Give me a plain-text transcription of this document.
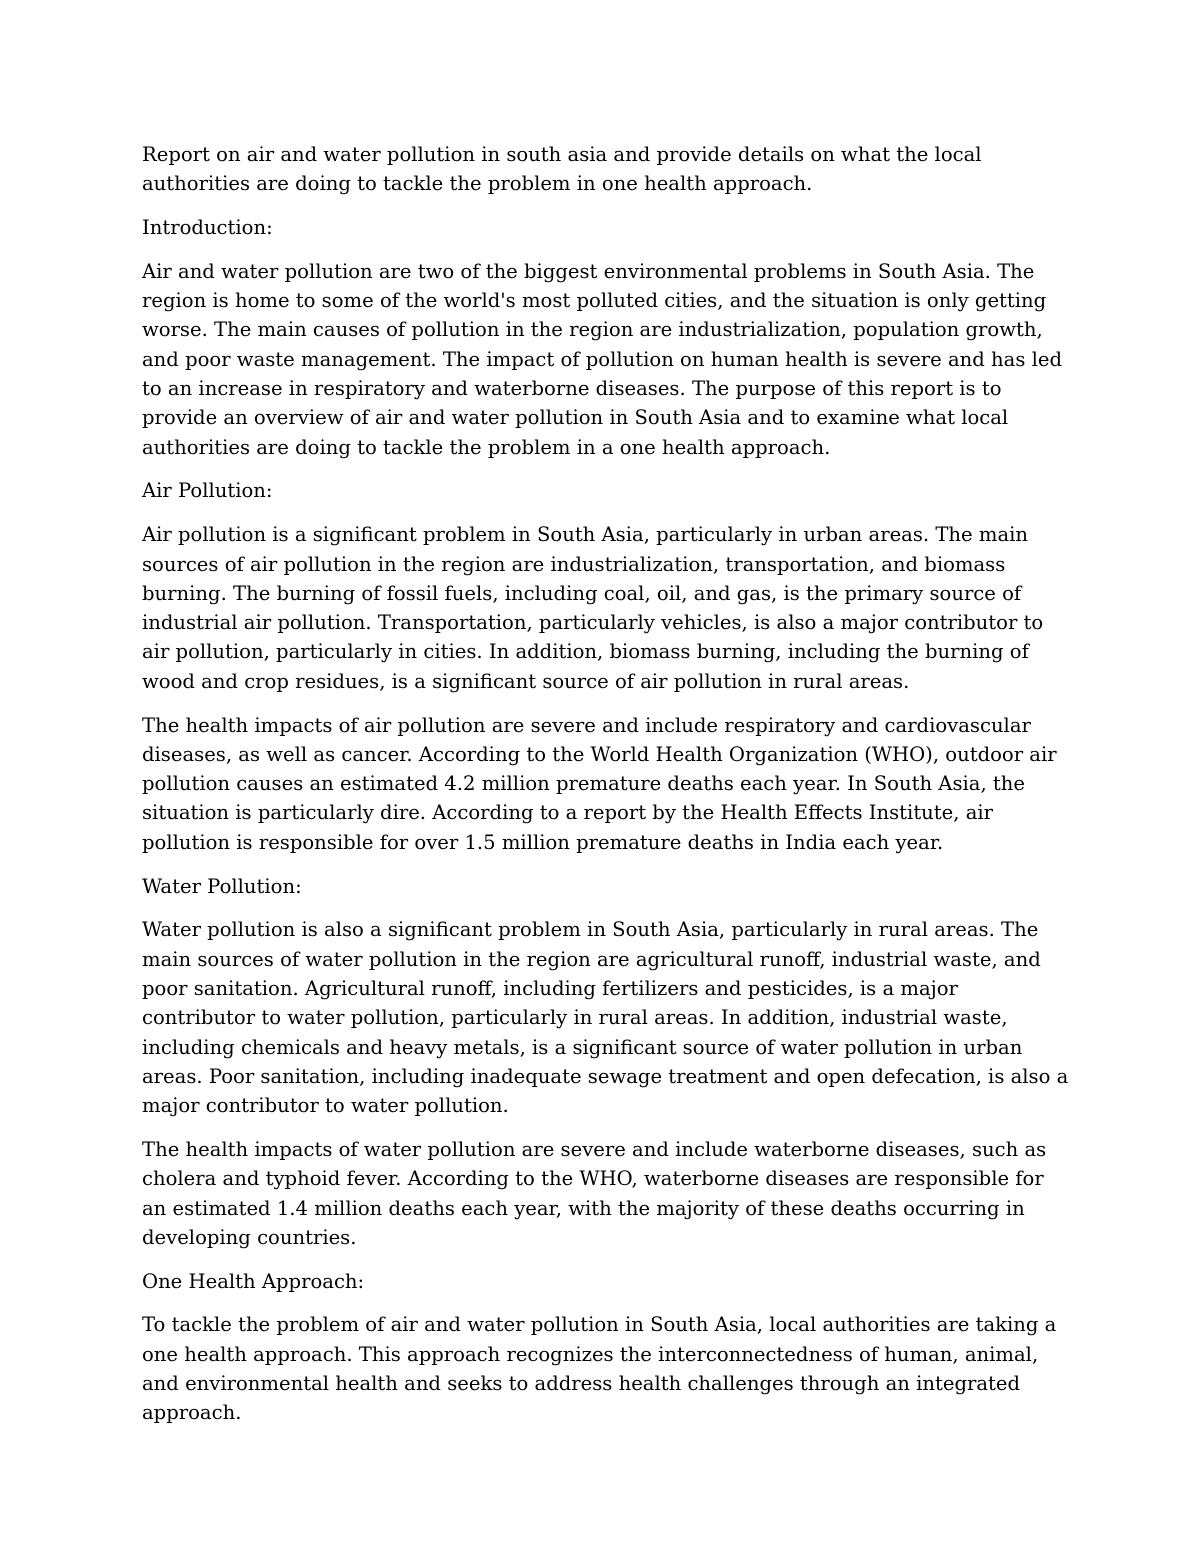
Report on air and water pollution in south asia and provide details on what the local authorities are doing to tackle the problem in one health approach.

Introduction:

Air and water pollution are two of the biggest environmental problems in South Asia. The region is home to some of the world's most polluted cities, and the situation is only getting worse. The main causes of pollution in the region are industrialization, population growth, and poor waste management. The impact of pollution on human health is severe and has led to an increase in respiratory and waterborne diseases. The purpose of this report is to provide an overview of air and water pollution in South Asia and to examine what local authorities are doing to tackle the problem in a one health approach.

Air Pollution:

Air pollution is a significant problem in South Asia, particularly in urban areas. The main sources of air pollution in the region are industrialization, transportation, and biomass burning. The burning of fossil fuels, including coal, oil, and gas, is the primary source of industrial air pollution. Transportation, particularly vehicles, is also a major contributor to air pollution, particularly in cities. In addition, biomass burning, including the burning of wood and crop residues, is a significant source of air pollution in rural areas.

The health impacts of air pollution are severe and include respiratory and cardiovascular diseases, as well as cancer. According to the World Health Organization (WHO), outdoor air pollution causes an estimated 4.2 million premature deaths each year. In South Asia, the situation is particularly dire. According to a report by the Health Effects Institute, air pollution is responsible for over 1.5 million premature deaths in India each year.

Water Pollution:

Water pollution is also a significant problem in South Asia, particularly in rural areas. The main sources of water pollution in the region are agricultural runoff, industrial waste, and poor sanitation. Agricultural runoff, including fertilizers and pesticides, is a major contributor to water pollution, particularly in rural areas. In addition, industrial waste, including chemicals and heavy metals, is a significant source of water pollution in urban areas. Poor sanitation, including inadequate sewage treatment and open defecation, is also a major contributor to water pollution.

The health impacts of water pollution are severe and include waterborne diseases, such as cholera and typhoid fever. According to the WHO, waterborne diseases are responsible for an estimated 1.4 million deaths each year, with the majority of these deaths occurring in developing countries.

One Health Approach:

To tackle the problem of air and water pollution in South Asia, local authorities are taking a one health approach. This approach recognizes the interconnectedness of human, animal, and environmental health and seeks to address health challenges through an integrated approach.
